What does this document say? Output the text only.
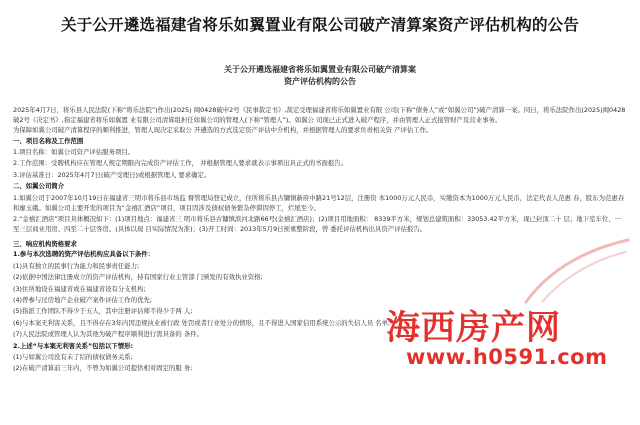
关于公开遴选福建省将乐如翼置业有限公司破产清算案资产评估机构的公告
关于公开遴选福建省将乐如翼置业有限公司破产清算案
资产评估机构的公告

2025年4月7日，将乐县人民法院(下称“将乐法院”)作出(2025) 闽0428破申2号《民事裁定书》,裁定受理福建省将乐如翼置业有限 公司(下称“债务人”或“如翼公司”)破产清算一案。同日，将乐法院作出(2025)闽0428破2号《决定书》,指定福建省将乐如翼置 业有限公司清算组担任如翼公司的管理人(下称“管理人”)。如翼公 司现已正式进入破产程序，并由管理人正式接管财产及营业事务。

为保障如翼公司破产清算程序的顺利推进，管理人现决定采取公 开遴选的方式选定资产评估中介机构，并根据管理人的要求负责相关资 产评估工作。

一、项目名称及工作范围

1.项目名称：如翼公司资产评估服务项目。

2.工作范围：受聘机构应在管理人规定期限内完成资产评估工作， 并根据管理人要求就表示事项出具正式的书面报告。

3.评估基准日：2025年4月7日(破产受理日)或根据管理人 要求确定。

二、如翼公司简介

1.如翼公司于2007年10月19日在福建省三明市将乐县市场监 督管理局登记成立，住所将乐县古镛镇新府中路21号12层，注册资 本1000万元人民币，实缴资本为1000万元人民币，法定代表人范惠 春，股东为范惠春和廖玉娥。如翼公司主要开发的项目为“金禧汇酒店”项目，项目因涉及债权债务繁杂停滞因停工，烂尾至今。

2.“金禧汇酒店”项目具体概况如下：(1)项目地点：福建省三 明市将乐县古镛镇滨河北路66号(金禧汇酒店)；(2)项目用地面积： 8339平方米，规划总建筑面积：33053.42平方米，现已封顶二十 层；地下室车位、一至三层商业用房、四至二十层客房。(具体以现 目实际情况为准)；(3)开工时间：2013年5月9日预重整阶段，曾 委托评估机构出具资产评估报告。

三、响应机构资格要求

1.参与本次选聘的资产评估机构应具备以下条件：

(1)具有独立的民事行为能力和民事责任能力;

(2)依据中国法律注册成立的资产评估机构，持有国家行业主管部 门颁发的有效执业资格;

(3)住所地设在福建省或在福建省设有分支机构;

(4)曾参与过房地产企业破产案件评估工作的优先;

(5)指派工作团队不得少于五人，其中注册评估师不得少于两 人;

(6)与本案无利害关系，且不得存在3年内因违规执业被行政 处罚或者行业处分的情形，且不得进入国家信用系统公示的失信人员 名单;

(7)人民法院或管理人认为其他为破产程序顺利进行需具备的 条件。

2.上述“与本案无利害关系”包括以下情形:

(1)与如翼公司没有未了结的债权债务关系;

(2)在破产清算前三年内，不曾为如翼公司提供相对固定的服 务;

海西房产网
www.h0591.com
